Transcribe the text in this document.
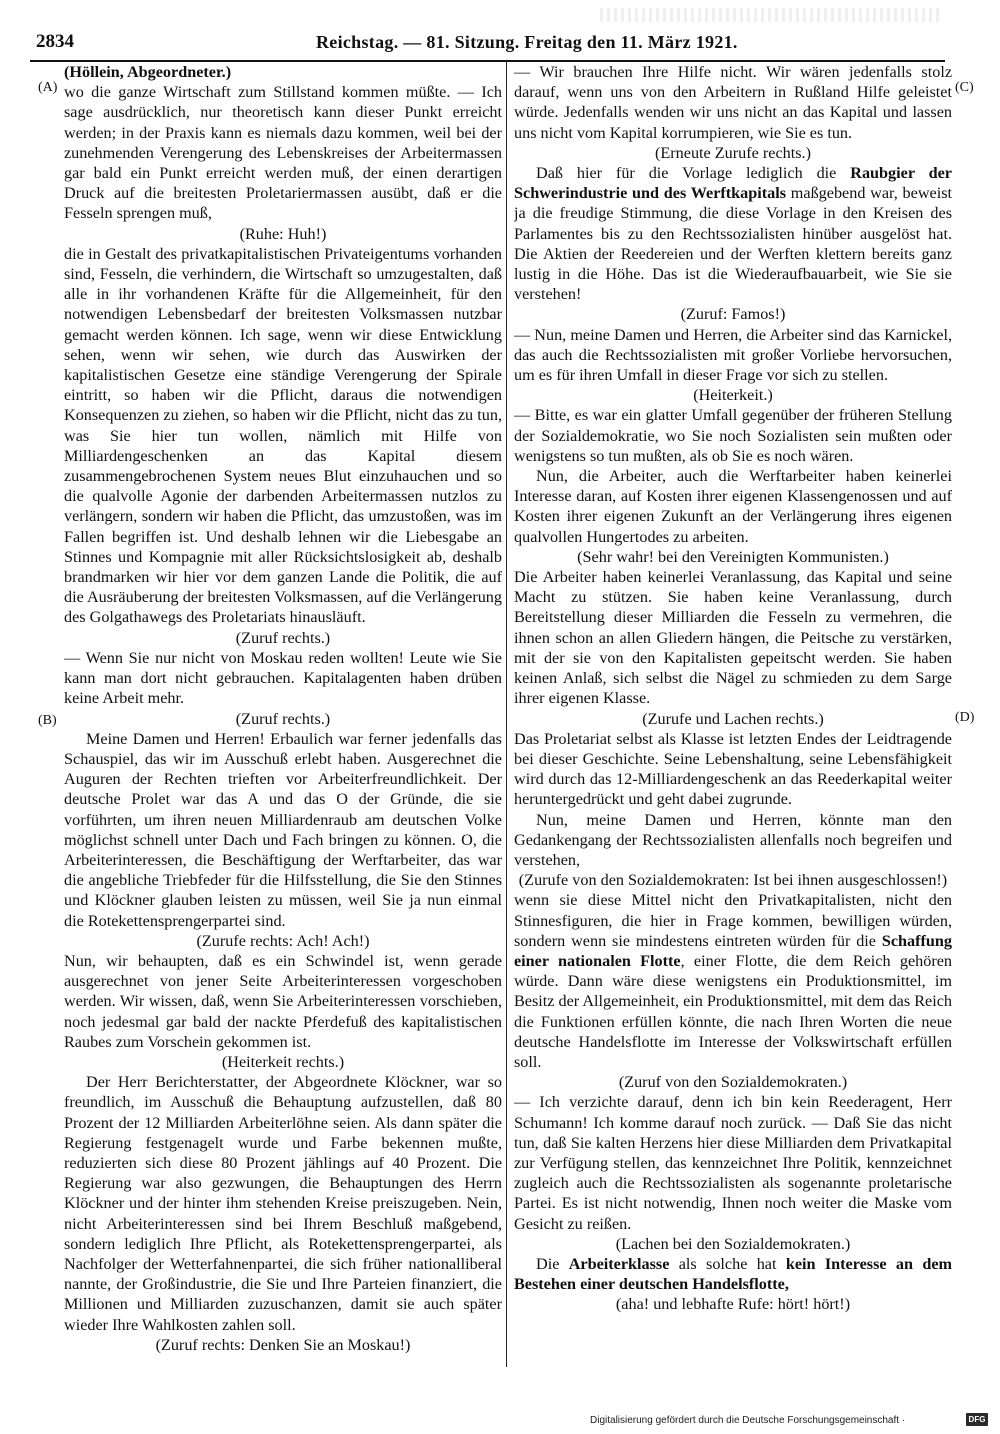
2834	Reichstag. — 81. Sitzung. Freitag den 11. März 1921.
(A)
(B)
(C)
(D)

(Höllein, Abgeordneter.)

wo die ganze Wirtschaft zum Stillstand kommen müßte. — Ich sage ausdrücklich, nur theoretisch kann dieser Punkt erreicht werden; in der Praxis kann es niemals dazu kommen, weil bei der zunehmenden Verengerung des Lebenskreises der Arbeitermassen gar bald ein Punkt erreicht werden muß, der einen derartigen Druck auf die breitesten Proletariermassen ausübt, daß er die Fesseln sprengen muß,

(Ruhe: Huh!)

die in Gestalt des privatkapitalistischen Privateigentums vorhanden sind, Fesseln, die verhindern, die Wirtschaft so umzugestalten, daß alle in ihr vorhandenen Kräfte für die Allgemeinheit, für den notwendigen Lebensbedarf der breitesten Volksmassen nutzbar gemacht werden können. Ich sage, wenn wir diese Entwicklung sehen, wenn wir sehen, wie durch das Auswirken der kapitalistischen Gesetze eine ständige Verengerung der Spirale eintritt, so haben wir die Pflicht, daraus die notwendigen Konsequenzen zu ziehen, so haben wir die Pflicht, nicht das zu tun, was Sie hier tun wollen, nämlich mit Hilfe von Milliardengeschenken an das Kapital diesem zusammengebrochenen System neues Blut einzuhauchen und so die qualvolle Agonie der darbenden Arbeitermassen nutzlos zu verlängern, sondern wir haben die Pflicht, das umzustoßen, was im Fallen begriffen ist. Und deshalb lehnen wir die Liebesgabe an Stinnes und Kompagnie mit aller Rücksichtslosigkeit ab, deshalb brandmarken wir hier vor dem ganzen Lande die Politik, die auf die Ausräuberung der breitesten Volksmassen, auf die Verlängerung des Golgathawegs des Proletariats hinausläuft.

(Zuruf rechts.)

— Wenn Sie nur nicht von Moskau reden wollten! Leute wie Sie kann man dort nicht gebrauchen. Kapitalagenten haben drüben keine Arbeit mehr.

(Zuruf rechts.)

Meine Damen und Herren! Erbaulich war ferner jedenfalls das Schauspiel, das wir im Ausschuß erlebt haben. Ausgerechnet die Auguren der Rechten trieften vor Arbeiterfreundlichkeit. Der deutsche Prolet war das A und das O der Gründe, die sie vorführten, um ihren neuen Milliardenraub am deutschen Volke möglichst schnell unter Dach und Fach bringen zu können. O, die Arbeiterinteressen, die Beschäftigung der Werftarbeiter, das war die angebliche Triebfeder für die Hilfsstellung, die Sie den Stinnes und Klöckner glauben leisten zu müssen, weil Sie ja nun einmal die Rotekettensprengerpartei sind.

(Zurufe rechts: Ach! Ach!)

Nun, wir behaupten, daß es ein Schwindel ist, wenn gerade ausgerechnet von jener Seite Arbeiterinteressen vorgeschoben werden. Wir wissen, daß, wenn Sie Arbeiterinteressen vorschieben, noch jedesmal gar bald der nackte Pferdefuß des kapitalistischen Raubes zum Vorschein gekommen ist.

(Heiterkeit rechts.)

Der Herr Berichterstatter, der Abgeordnete Klöckner, war so freundlich, im Ausschuß die Behauptung aufzustellen, daß 80 Prozent der 12 Milliarden Arbeiterlöhne seien. Als dann später die Regierung festgenagelt wurde und Farbe bekennen mußte, reduzierten sich diese 80 Prozent jählings auf 40 Prozent. Die Regierung war also gezwungen, die Behauptungen des Herrn Klöckner und der hinter ihm stehenden Kreise preiszugeben. Nein, nicht Arbeiterinteressen sind bei Ihrem Beschluß maßgebend, sondern lediglich Ihre Pflicht, als Rotekettensprengerpartei, als Nachfolger der Wetterfahnenpartei, die sich früher nationalliberal nannte, der Großindustrie, die Sie und Ihre Parteien finanziert, die Millionen und Milliarden zuzuschanzen, damit sie auch später wieder Ihre Wahlkosten zahlen soll.

(Zuruf rechts: Denken Sie an Moskau!)

— Wir brauchen Ihre Hilfe nicht. Wir wären jedenfalls stolz darauf, wenn uns von den Arbeitern in Rußland Hilfe geleistet würde. Jedenfalls wenden wir uns nicht an das Kapital und lassen uns nicht vom Kapital korrumpieren, wie Sie es tun.

(Erneute Zurufe rechts.)

Daß hier für die Vorlage lediglich die Raubgier der Schwerindustrie und des Werftkapitals maßgebend war, beweist ja die freudige Stimmung, die diese Vorlage in den Kreisen des Parlamentes bis zu den Rechtssozialisten hinüber ausgelöst hat. Die Aktien der Reedereien und der Werften klettern bereits ganz lustig in die Höhe. Das ist die Wiederaufbauarbeit, wie Sie sie verstehen!

(Zuruf: Famos!)

— Nun, meine Damen und Herren, die Arbeiter sind das Karnickel, das auch die Rechtssozialisten mit großer Vorliebe hervorsuchen, um es für ihren Umfall in dieser Frage vor sich zu stellen.

(Heiterkeit.)

— Bitte, es war ein glatter Umfall gegenüber der früheren Stellung der Sozialdemokratie, wo Sie noch Sozialisten sein mußten oder wenigstens so tun mußten, als ob Sie es noch wären.

Nun, die Arbeiter, auch die Werftarbeiter haben keinerlei Interesse daran, auf Kosten ihrer eigenen Klassengenossen und auf Kosten ihrer eigenen Zukunft an der Verlängerung ihres eigenen qualvollen Hungertodes zu arbeiten.

(Sehr wahr! bei den Vereinigten Kommunisten.)

Die Arbeiter haben keinerlei Veranlassung, das Kapital und seine Macht zu stützen. Sie haben keine Veranlassung, durch Bereitstellung dieser Milliarden die Fesseln zu vermehren, die ihnen schon an allen Gliedern hängen, die Peitsche zu verstärken, mit der sie von den Kapitalisten gepeitscht werden. Sie haben keinen Anlaß, sich selbst die Nägel zu schmieden zu dem Sarge ihrer eigenen Klasse.

(Zurufe und Lachen rechts.)

Das Proletariat selbst als Klasse ist letzten Endes der Leidtragende bei dieser Geschichte. Seine Lebenshaltung, seine Lebensfähigkeit wird durch das 12-Milliardengeschenk an das Reederkapital weiter heruntergedrückt und geht dabei zugrunde.

Nun, meine Damen und Herren, könnte man den Gedankengang der Rechtssozialisten allenfalls noch begreifen und verstehen,

(Zurufe von den Sozialdemokraten: Ist bei ihnen ausgeschlossen!)

wenn sie diese Mittel nicht den Privatkapitalisten, nicht den Stinnesfiguren, die hier in Frage kommen, bewilligen würden, sondern wenn sie mindestens eintreten würden für die Schaffung einer nationalen Flotte, einer Flotte, die dem Reich gehören würde. Dann wäre diese wenigstens ein Produktionsmittel, im Besitz der Allgemeinheit, ein Produktionsmittel, mit dem das Reich die Funktionen erfüllen könnte, die nach Ihren Worten die neue deutsche Handelsflotte im Interesse der Volkswirtschaft erfüllen soll.

(Zuruf von den Sozialdemokraten.)

— Ich verzichte darauf, denn ich bin kein Reederagent, Herr Schumann! Ich komme darauf noch zurück. — Daß Sie das nicht tun, daß Sie kalten Herzens hier diese Milliarden dem Privatkapital zur Verfügung stellen, das kennzeichnet Ihre Politik, kennzeichnet zugleich auch die Rechtssozialisten als sogenannte proletarische Partei. Es ist nicht notwendig, Ihnen noch weiter die Maske vom Gesicht zu reißen.

(Lachen bei den Sozialdemokraten.)

Die Arbeiterklasse als solche hat kein Interesse an dem Bestehen einer deutschen Handelsflotte,

(aha! und lebhafte Rufe: hört! hört!)

Digitalisierung gefördert durch die Deutsche Forschungsgemeinschaft ·	DFG
